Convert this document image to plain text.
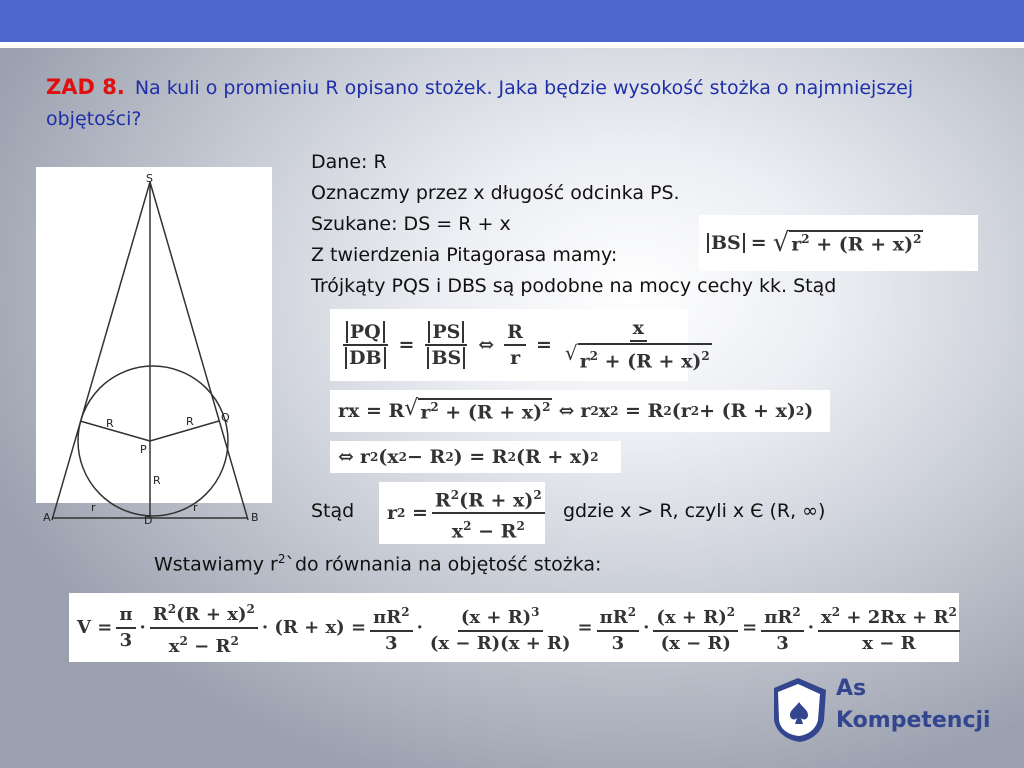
ZAD 8. Na kuli o promieniu R opisano stożek. Jaka będzie wysokość stożka o najmniejszej objętości?
S
A	B
D
P
Q
R	R
R
r	r
Dane: R
Oznaczmy przez x długość odcinka PS.
Szukane: DS = R + x
Z twierdzenia Pitagorasa mamy:
Trójkąty PQS i DBS są podobne na mocy cechy kk. Stąd
BS = √ $r^2 + (R + x)^2$
$\frac{PQ}{DB} = \frac{PS}{BS}$ ⇔ $\frac{R}{r} = \frac{x}{√ r^2 + (R + x)^2}$
rx = R √ $r^2 + (R + x)^2$ ⇔ r 2 x 2 = R 2 (r 2 + (R + x) 2 )
⇔ r 2 (x 2 − R 2 ) = R 2 (R + x) 2
Stąd	r $2 = \frac{R^2(R + x)^2}{x^2 - R^2}$ gdzie x > R, czyli x Є (R, ∞)
Wstawiamy $r^2`do$ równania na objętość stożka:
$V = \frac{\pi}{3} \cdot \frac{R^2(R + x)^2}{x^2 - R^2} \cdot (R + x) = \frac{\pi R^2}{3} \cdot \frac{(x + R)^3}{(x - R)(x + R)} = \frac{\pi R^2}{3} \cdot \frac{(x + R)^2}{(x - R)} = \frac{\pi R^2}{3} \cdot \frac{x^2 + 2Rx + R^2}{x - R}$
As
Kompetencji
